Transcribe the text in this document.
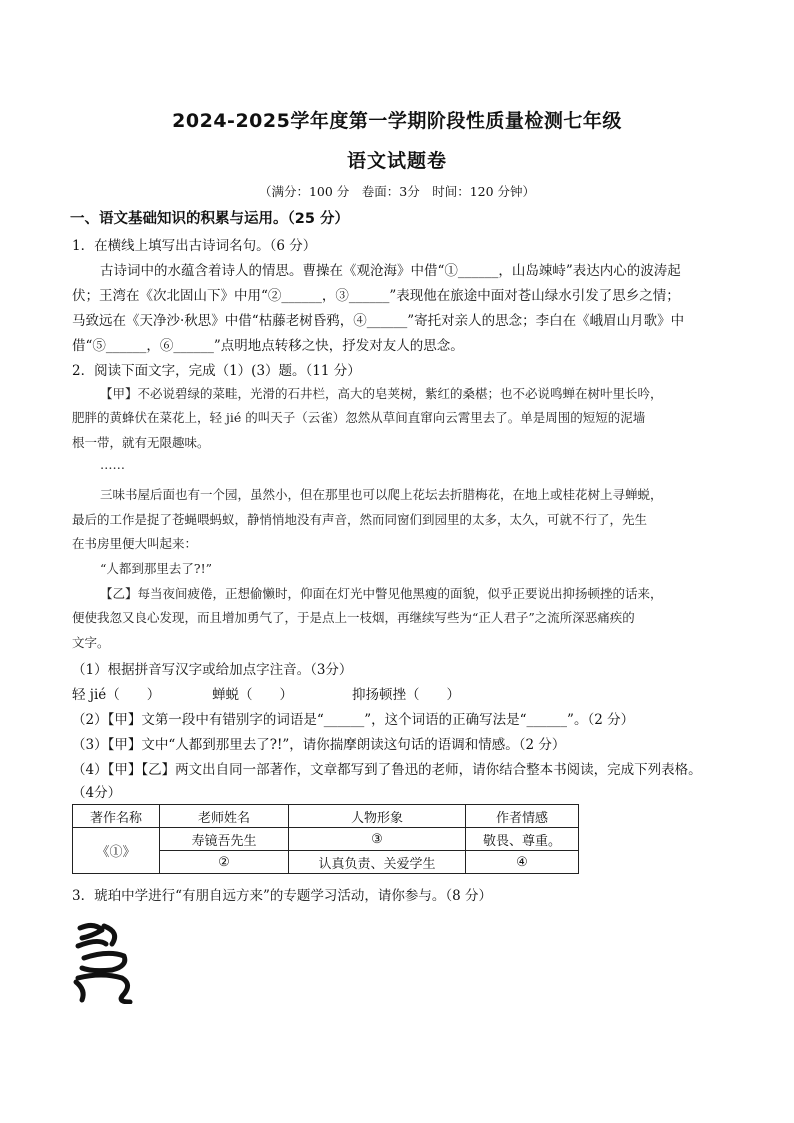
2024-2025学年度第一学期阶段性质量检测七年级
语文试题卷
（满分：100 分　卷面：3分　时间：120 分钟）
一、语文基础知识的积累与运用。（25 分）
1．在横线上填写出古诗词名句。（6 分）
古诗词中的水蕴含着诗人的情思。曹操在《观沧海》中借“①______，山岛竦峙”表达内心的波涛起
伏；王湾在《次北固山下》中用“②______，③______”表现他在旅途中面对苍山绿水引发了思乡之情；
马致远在《天净沙·秋思》中借“枯藤老树昏鸦，④______”寄托对亲人的思念；李白在《峨眉山月歌》中
借“⑤______，⑥______”点明地点转移之快，抒发对友人的思念。
2．阅读下面文字，完成（1）(3）题。（11 分）
【甲】不必说碧绿的菜畦，光滑的石井栏，高大的皂荚树，紫红的桑椹；也不必说鸣蝉在树叶里长吟，
肥胖的黄蜂伏在菜花上，轻 jié 的叫天子（云雀）忽然从草间直窜向云霄里去了。单是周围的短短的泥墙
根一带，就有无限趣味。
……
三味书屋后面也有一个园，虽然小，但在那里也可以爬上花坛去折腊梅花，在地上或桂花树上寻蝉蜕，
最后的工作是捉了苍蝇喂蚂蚁，静悄悄地没有声音，然而同窗们到园里的太多，太久，可就不行了，先生
在书房里便大叫起来：
“人都到那里去了?!”
【乙】每当夜间疲倦，正想偷懒时，仰面在灯光中瞥见他黑瘦的面貌，似乎正要说出抑扬顿挫的话来，
便使我忽又良心发现，而且增加勇气了，于是点上一枝烟，再继续写些为“正人君子”之流所深恶痛疾的
文字。
（1）根据拼音写汉字或给加点字注音。（3分）
轻 jié（　　）	蝉蜕（　　）	抑扬顿挫（　　）
（2）【甲】文第一段中有错别字的词语是“______”，这个词语的正确写法是“______”。（2 分）
（3）【甲】文中“人都到那里去了?!”，请你揣摩朗读这句话的语调和情感。（2 分）
（4）【甲】【乙】两文出自同一部著作，文章都写到了鲁迅的老师，请你结合整本书阅读，完成下列表格。
（4分）
著作名称	老师姓名	人物形象	作者情感
《①》	寿镜吾先生	③	敬畏、尊重。
	②	认真负责、关爱学生	④
3．琥珀中学进行“有朋自远方来”的专题学习活动，请你参与。（8 分）
